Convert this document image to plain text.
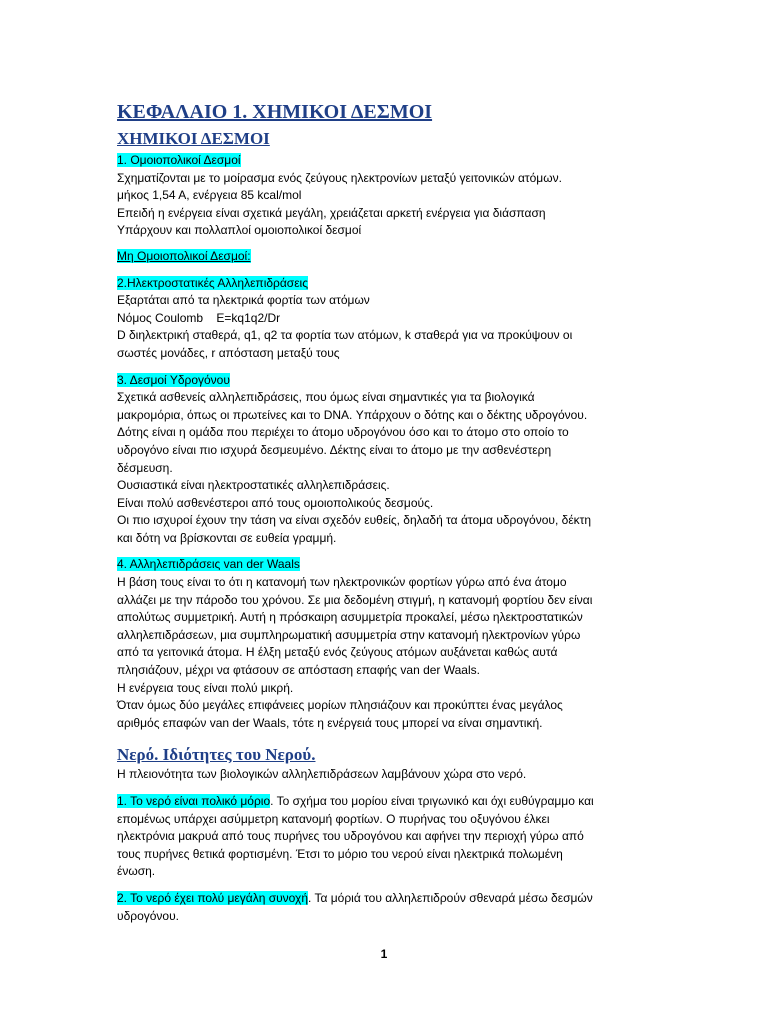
ΚΕΦΑΛΑΙΟ 1. ΧΗΜΙΚΟΙ ΔΕΣΜΟΙ
ΧΗΜΙΚΟΙ ΔΕΣΜΟΙ

1. Ομοιοπολικοί Δεσμοί

Σχηματίζονται με το μοίρασμα ενός ζεύγους ηλεκτρονίων μεταξύ γειτονικών ατόμων.

μήκος 1,54 Α, ενέργεια 85 kcal/mol

Επειδή η ενέργεια είναι σχετικά μεγάλη, χρειάζεται αρκετή ενέργεια για διάσπαση

Υπάρχουν και πολλαπλοί ομοιοπολικοί δεσμοί

Μη Ομοιοπολικοί Δεσμοί:

2.Ηλεκτροστατικές Αλληλεπιδράσεις

Εξαρτάται από τα ηλεκτρικά φορτία των ατόμων

Νόμος Coulomb    E=kq1q2/Dr

D διηλεκτρική σταθερά, q1, q2 τα φορτία των ατόμων, k σταθερά για να προκύψουν οι

σωστές μονάδες, r απόσταση μεταξύ τους

3. Δεσμοί Υδρογόνου

Σχετικά ασθενείς αλληλεπιδράσεις, που όμως είναι σημαντικές για τα βιολογικά

μακρομόρια, όπως οι πρωτείνες και το DNA. Υπάρχουν ο δότης και ο δέκτης υδρογόνου.

Δότης είναι η ομάδα που περιέχει το άτομο υδρογόνου όσο και το άτομο στο οποίο το

υδρογόνο είναι πιο ισχυρά δεσμευμένο. Δέκτης είναι το άτομο με την ασθενέστερη

δέσμευση.

Ουσιαστικά είναι ηλεκτροστατικές αλληλεπιδράσεις.

Είναι πολύ ασθενέστεροι από τους ομοιοπολικούς δεσμούς.

Οι πιο ισχυροί έχουν την τάση να είναι σχεδόν ευθείς, δηλαδή τα άτομα υδρογόνου, δέκτη

και δότη να βρίσκονται σε ευθεία γραμμή.

4. Αλληλεπιδράσεις van der Waals

Η βάση τους είναι το ότι η κατανομή των ηλεκτρονικών φορτίων γύρω από ένα άτομο

αλλάζει με την πάροδο του χρόνου. Σε μια δεδομένη στιγμή, η κατανομή φορτίου δεν είναι

απολύτως συμμετρική. Αυτή η πρόσκαιρη ασυμμετρία προκαλεί, μέσω ηλεκτροστατικών

αλληλεπιδράσεων, μια συμπληρωματική ασυμμετρία στην κατανομή ηλεκτρονίων γύρω

από τα γειτονικά άτομα. Η έλξη μεταξύ ενός ζεύγους ατόμων αυξάνεται καθώς αυτά

πλησιάζουν, μέχρι να φτάσουν σε απόσταση επαφής van der Waals.

Η ενέργεια τους είναι πολύ μικρή.

Όταν όμως δύο μεγάλες επιφάνειες μορίων πλησιάζουν και προκύπτει ένας μεγάλος

αριθμός επαφών van der Waals, τότε η ενέργειά τους μπορεί να είναι σημαντική.

Νερό. Ιδιότητες του Νερού.

Η πλειονότητα των βιολογικών αλληλεπιδράσεων λαμβάνουν χώρα στο νερό.

1. Το νερό είναι πολικό μόριο. Το σχήμα του μορίου είναι τριγωνικό και όχι ευθύγραμμο και

επομένως υπάρχει ασύμμετρη κατανομή φορτίων. Ο πυρήνας του οξυγόνου έλκει

ηλεκτρόνια μακρυά από τους πυρήνες του υδρογόνου και αφήνει την περιοχή γύρω από

τους πυρήνες θετικά φορτισμένη. Έτσι το μόριο του νερού είναι ηλεκτρικά πολωμένη

ένωση.

2. Το νερό έχει πολύ μεγάλη συνοχή. Τα μόριά του αλληλεπιδρούν σθεναρά μέσω δεσμών

υδρογόνου.

1
